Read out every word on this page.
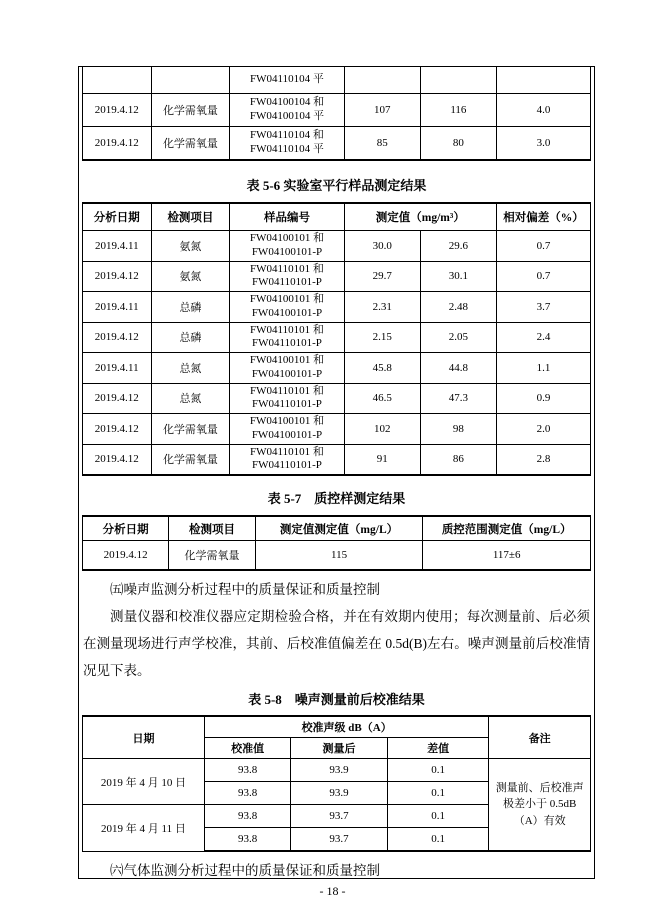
		FW04110104 平			

2019.4.12	化学需氧量	FW04100104 和
FW04100104 平	107	116	4.0
2019.4.12	化学需氧量	FW04110104 和
FW04110104 平	85	80	3.0
表 5-6 实验室平行样品测定结果
分析日期	检测项目	样品编号	测定值（mg/m³）		相对偏差（%）
2019.4.11	氨氮	FW04100101 和
FW04100101-P	30.0	29.6	0.7
2019.4.12	氨氮	FW04110101 和
FW04110101-P	29.7	30.1	0.7
2019.4.11	总磷	FW04100101 和
FW04100101-P	2.31	2.48	3.7
2019.4.12	总磷	FW04110101 和
FW04110101-P	2.15	2.05	2.4
2019.4.11	总氮	FW04100101 和
FW04100101-P	45.8	44.8	1.1
2019.4.12	总氮	FW04110101 和
FW04110101-P	46.5	47.3	0.9
2019.4.12	化学需氧量	FW04100101 和
FW04100101-P	102	98	2.0
2019.4.12	化学需氧量	FW04110101 和
FW04110101-P	91	86	2.8
表 5-7　质控样测定结果
分析日期	检测项目	测定值测定值（mg/L）	质控范围测定值（mg/L）
2019.4.12	化学需氧量	115	117±6

㈤噪声监测分析过程中的质量保证和质量控制

测量仪器和校准仪器应定期检验合格，并在有效期内使用；每次测量前、后必须在测量现场进行声学校准，其前、后校准值偏差在 0.5d(B)左右。噪声测量前后校准情况见下表。

表 5-8　噪声测量前后校准结果
日期	校准声级 dB（A）			备注
	校准值	测量后	差值	
2019 年 4 月 10 日	93.8	93.9	0.1	测量前、后校准声极差小于 0.5dB（A）有效
	93.8	93.9	0.1	
2019 年 4 月 11 日	93.8	93.7	0.1	
	93.8	93.7	0.1	

㈥气体监测分析过程中的质量保证和质量控制

- 18 -
